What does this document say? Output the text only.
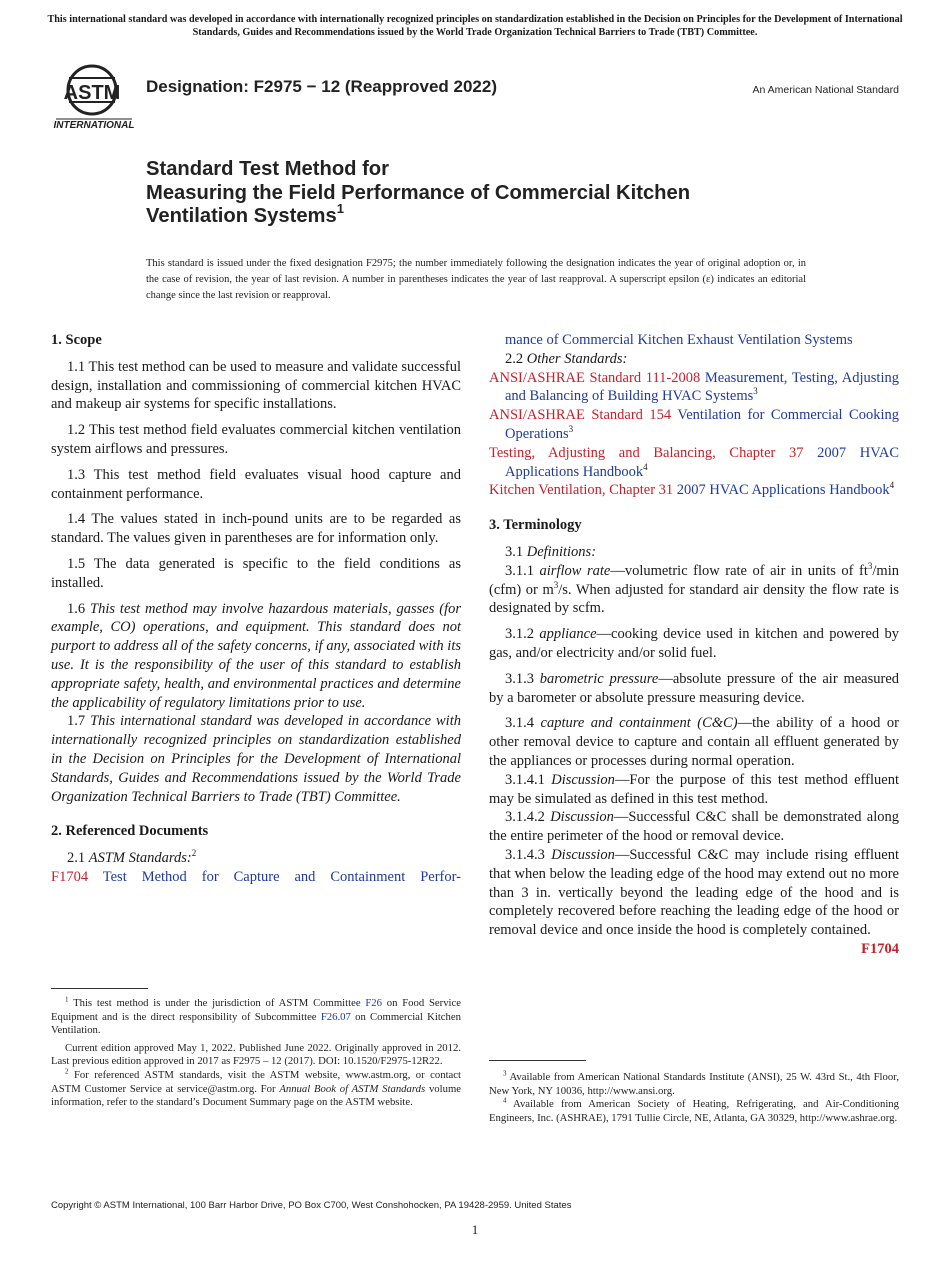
This international standard was developed in accordance with internationally recognized principles on standardization established in the Decision on Principles for the Development of International Standards, Guides and Recommendations issued by the World Trade Organization Technical Barriers to Trade (TBT) Committee.
ASTM
INTERNATIONAL
Designation: F2975 − 12 (Reapproved 2022)	An American National Standard
Standard Test Method for
Measuring the Field Performance of Commercial Kitchen
Ventilation Systems$^1$
This standard is issued under the fixed designation F2975; the number immediately following the designation indicates the year of original adoption or, in the case of revision, the year of last revision. A number in parentheses indicates the year of last reapproval. A superscript epsilon (ε) indicates an editorial change since the last revision or reapproval.
1. Scope

1.1 This test method can be used to measure and validate successful design, installation and commissioning of commercial kitchen HVAC and makeup air systems for specific installations.

1.2 This test method field evaluates commercial kitchen ventilation system airflows and pressures.

1.3 This test method field evaluates visual hood capture and containment performance.

1.4 The values stated in inch-pound units are to be regarded as standard. The values given in parentheses are for information only.

1.5 The data generated is specific to the field conditions as installed.

1.6 This test method may involve hazardous materials, gasses (for example, CO) operations, and equipment. This standard does not purport to address all of the safety concerns, if any, associated with its use. It is the responsibility of the user of this standard to establish appropriate safety, health, and environmental practices and determine the applicability of regulatory limitations prior to use.

1.7 This international standard was developed in accordance with internationally recognized principles on standardization established in the Decision on Principles for the Development of International Standards, Guides and Recommendations issued by the World Trade Organization Technical Barriers to Trade (TBT) Committee.

2. Referenced Documents

2.1 ASTM Standards:$^2$

F1704 Test Method for Capture and Containment Perfor-

$^1$ This test method is under the jurisdiction of ASTM Committee F26 on Food Service Equipment and is the direct responsibility of Subcommittee F26.07 on Commercial Kitchen Ventilation.

Current edition approved May 1, 2022. Published June 2022. Originally approved in 2012. Last previous edition approved in 2017 as F2975 – 12 (2017). DOI: 10.1520/F2975-12R22.

$^2$ For referenced ASTM standards, visit the ASTM website, www.astm.org, or contact ASTM Customer Service at service@astm.org. For Annual Book of ASTM Standards volume information, refer to the standard’s Document Summary page on the ASTM website.

mance of Commercial Kitchen Exhaust Ventilation Systems

2.2 Other Standards:

ANSI/ASHRAE Standard 111-2008 Measurement, Testing, Adjusting and Balancing of Building HVAC Systems$^3$

ANSI/ASHRAE Standard 154 Ventilation for Commercial Cooking Operations$^3$

Testing, Adjusting and Balancing, Chapter 37 2007 HVAC Applications Handbook$^4$

Kitchen Ventilation, Chapter 31 2007 HVAC Applications Handbook$^4$

3. Terminology

3.1 Definitions:

3.1.1 airflow rate—volumetric flow rate of air in units of $ft^3/\min$ (cfm) or $m^3/s$. When adjusted for standard air density the flow rate is designated by scfm.

3.1.2 appliance—cooking device used in kitchen and powered by gas, and/or electricity and/or solid fuel.

3.1.3 barometric pressure—absolute pressure of the air measured by a barometer or absolute pressure measuring device.

3.1.4 capture and containment (C&C)—the ability of a hood or other removal device to capture and contain all effluent generated by the appliances or processes during normal operation.

3.1.4.1 Discussion—For the purpose of this test method effluent may be simulated as defined in this test method.

3.1.4.2 Discussion—Successful C&C shall be demonstrated along the entire perimeter of the hood or removal device.

3.1.4.3 Discussion—Successful C&C may include rising effluent that when below the leading edge of the hood may extend out no more than 3 in. vertically beyond the leading edge of the hood and is completely recovered before reaching the leading edge of the hood or removal device and once inside the hood is completely contained.
F1704

$^3$ Available from American National Standards Institute (ANSI), 25 W. 43rd St., 4th Floor, New York, NY 10036, http://www.ansi.org.

$^4$ Available from American Society of Heating, Refrigerating, and Air-Conditioning Engineers, Inc. (ASHRAE), 1791 Tullie Circle, NE, Atlanta, GA 30329, http://www.ashrae.org.

Copyright © ASTM International, 100 Barr Harbor Drive, PO Box C700, West Conshohocken, PA 19428-2959. United States
1
